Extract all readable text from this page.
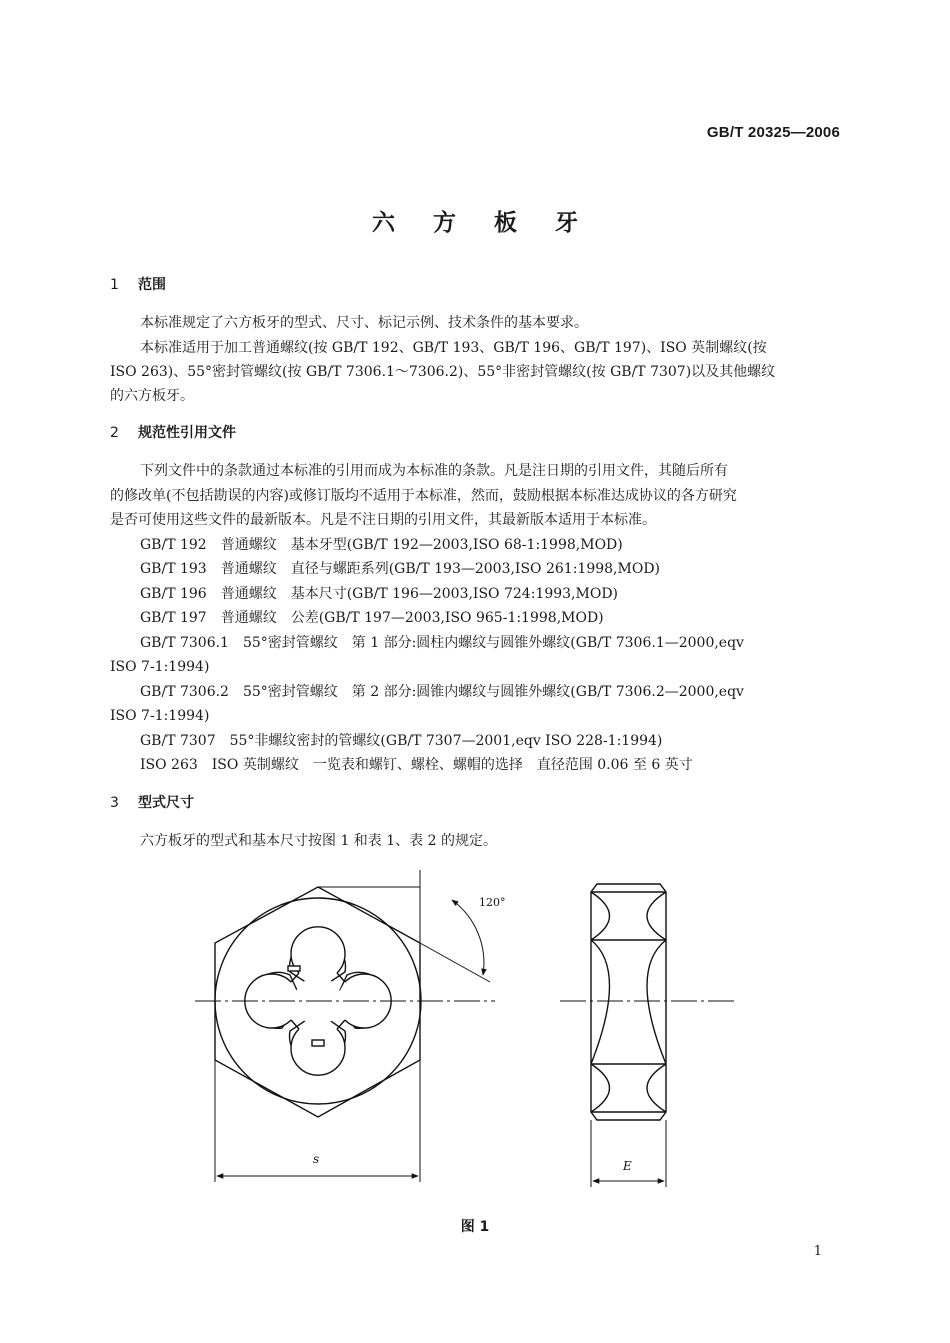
GB/T 20325—2006
六方板牙
1 范围
本标准规定了六方板牙的型式、尺寸、标记示例、技术条件的基本要求。
本标准适用于加工普通螺纹(按 GB/T 192、GB/T 193、GB/T 196、GB/T 197)、ISO 英制螺纹(按
ISO 263)、55°密封管螺纹(按 GB/T 7306.1～7306.2)、55°非密封管螺纹(按 GB/T 7307)以及其他螺纹
的六方板牙。
2 规范性引用文件
下列文件中的条款通过本标准的引用而成为本标准的条款。凡是注日期的引用文件，其随后所有
的修改单(不包括勘误的内容)或修订版均不适用于本标准，然而，鼓励根据本标准达成协议的各方研究
是否可使用这些文件的最新版本。凡是不注日期的引用文件，其最新版本适用于本标准。
GB/T 192　普通螺纹　基本牙型(GB/T 192—2003,ISO 68-1:1998,MOD)
GB/T 193　普通螺纹　直径与螺距系列(GB/T 193—2003,ISO 261:1998,MOD)
GB/T 196　普通螺纹　基本尺寸(GB/T 196—2003,ISO 724:1993,MOD)
GB/T 197　普通螺纹　公差(GB/T 197—2003,ISO 965-1:1998,MOD)
GB/T 7306.1　55°密封管螺纹　第 1 部分:圆柱内螺纹与圆锥外螺纹(GB/T 7306.1—2000,eqv
ISO 7-1:1994)
GB/T 7306.2　55°密封管螺纹　第 2 部分:圆锥内螺纹与圆锥外螺纹(GB/T 7306.2—2000,eqv
ISO 7-1:1994)
GB/T 7307　55°非螺纹密封的管螺纹(GB/T 7307—2001,eqv ISO 228-1:1994)
ISO 263　ISO 英制螺纹　一览表和螺钉、螺栓、螺帽的选择　直径范围 0.06 至 6 英寸
3 型式尺寸
六方板牙的型式和基本尺寸按图 1 和表 1、表 2 的规定。
120°
s	E
图 1
1
